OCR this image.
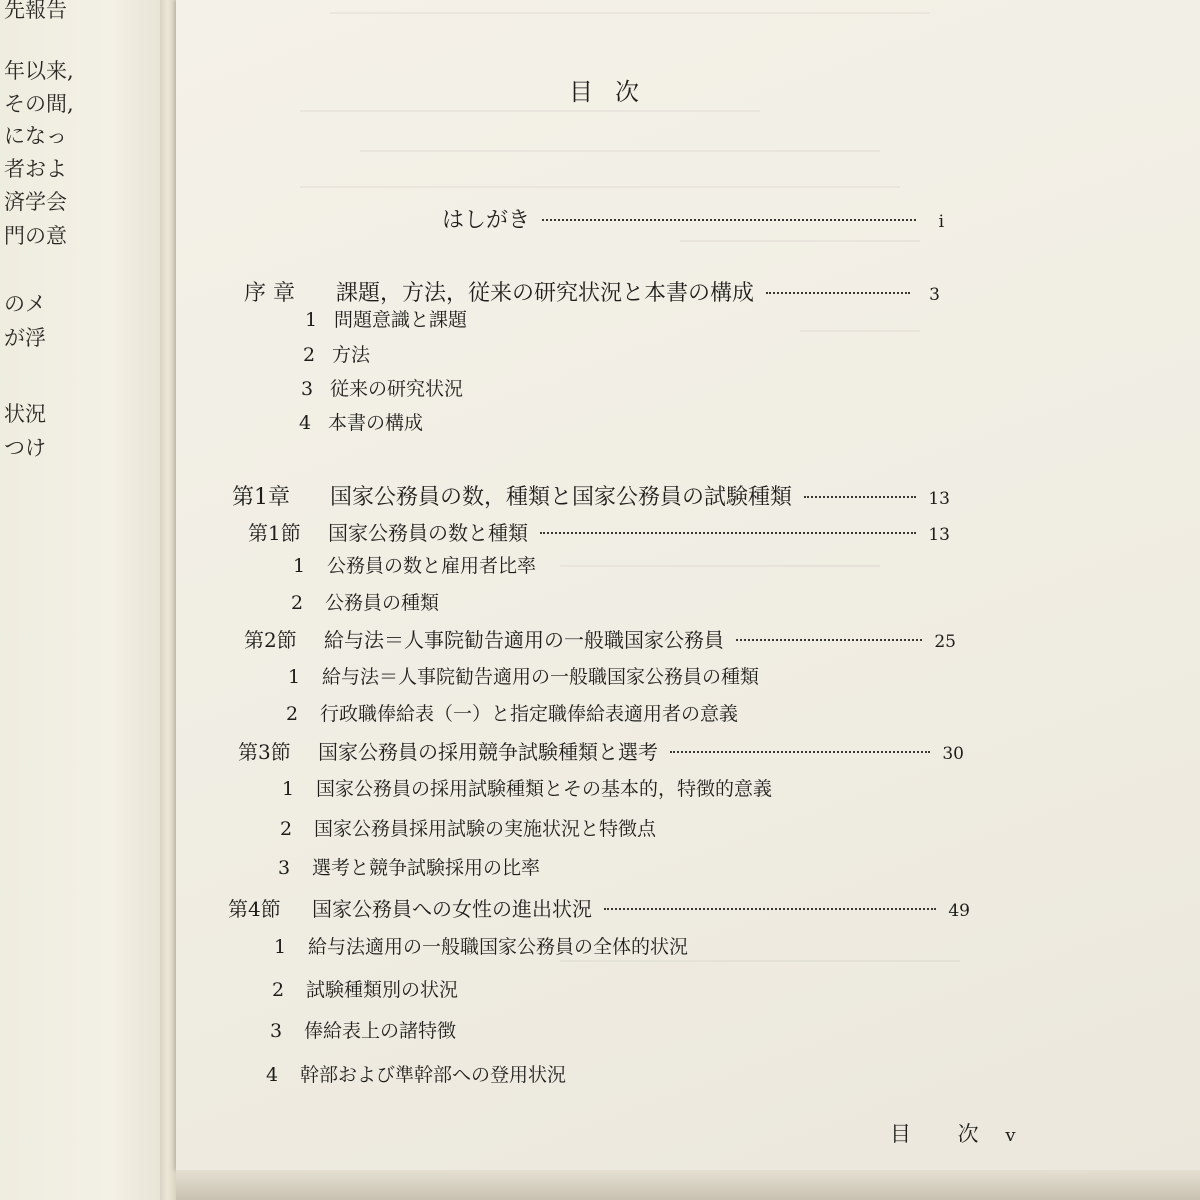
先報告
年以来,
その間,
になっ
者およ
済学会
門の意
のメ
が浮
状況
つけ
目次
はしがき	i
序 章	課題，方法，従来の研究状況と本書の構成	3
1 問題意識と課題
2 方法
3 従来の研究状況
4 本書の構成
第1章	国家公務員の数，種類と国家公務員の試験種類	13
第1節	国家公務員の数と種類	13
1	公務員の数と雇用者比率
2	公務員の種類
第2節	給与法＝人事院勧告適用の一般職国家公務員	25
1	給与法＝人事院勧告適用の一般職国家公務員の種類
2	行政職俸給表（一）と指定職俸給表適用者の意義
第3節	国家公務員の採用競争試験種類と選考	30
1	国家公務員の採用試験種類とその基本的，特徴的意義
2	国家公務員採用試験の実施状況と特徴点
3	選考と競争試験採用の比率
第4節	国家公務員への女性の進出状況	49
1	給与法適用の一般職国家公務員の全体的状況
2	試験種類別の状況
3	俸給表上の諸特徴
4	幹部および準幹部への登用状況
目 次 v
